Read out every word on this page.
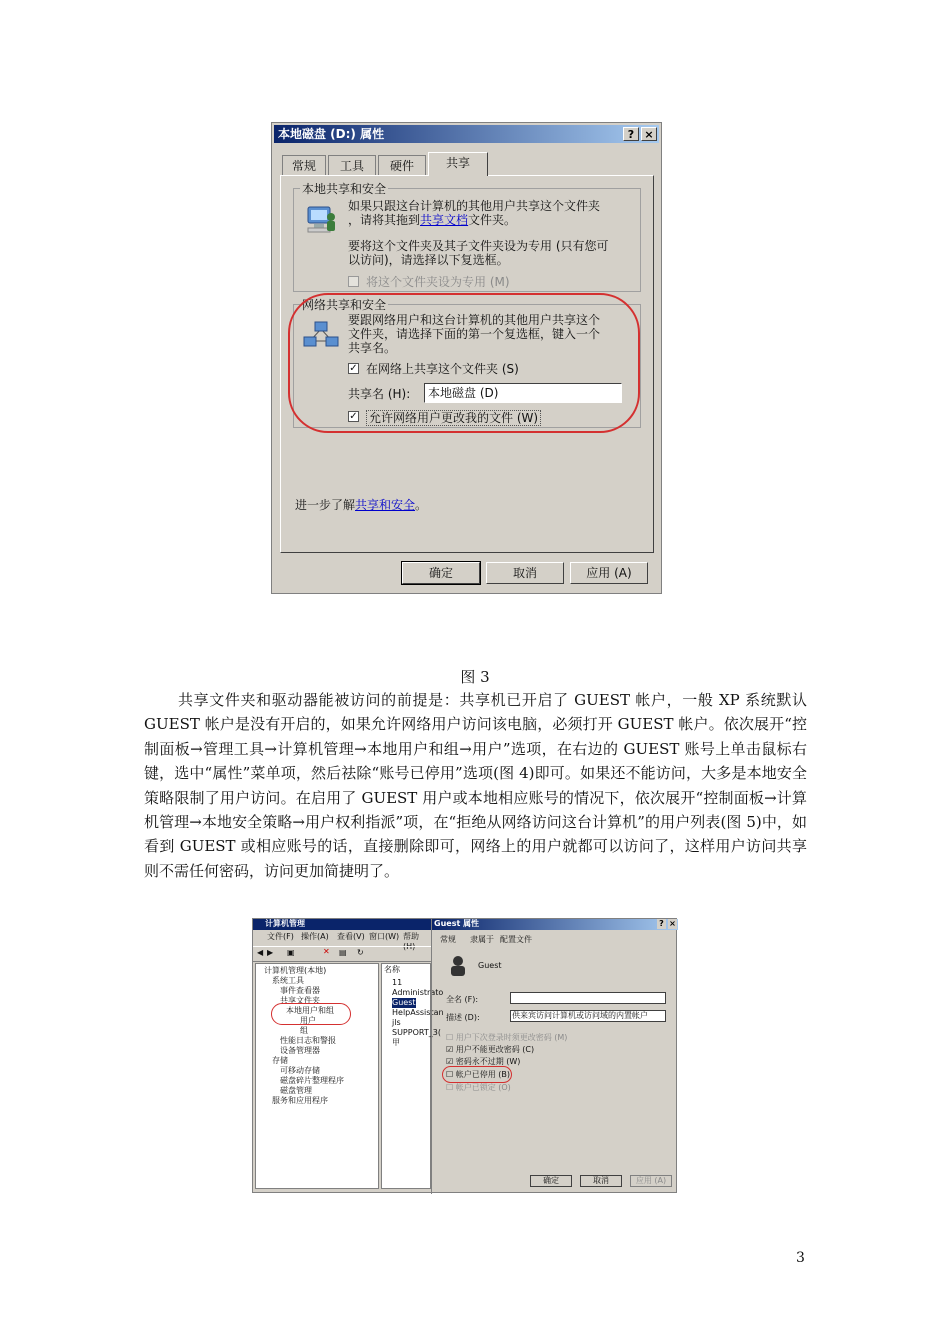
本地磁盘 (D:) 属性	? ×
常规	工具	硬件	共享
本地共享和安全
如果只跟这台计算机的其他用户共享这个文件夹
，请将其拖到共享文档文件夹。
要将这个文件夹及其子文件夹设为专用 (只有您可
以访问)，请选择以下复选框。
将这个文件夹设为专用 (M)
网络共享和安全
要跟网络用户和这台计算机的其他用户共享这个
文件夹，请选择下面的第一个复选框，键入一个
共享名。
✓ 在网络上共享这个文件夹 (S)
共享名 (H):	本地磁盘 (D)
✓ 允许网络用户更改我的文件 (W)
进一步了解共享和安全。
确定	取消	应用 (A)
图 3
共享文件夹和驱动器能被访问的前提是：共享机已开启了 GUEST 帐户，一般 XP 系统默认 GUEST 帐户是没有开启的，如果允许网络用户访问该电脑，必须打开 GUEST 帐户。依次展开“控制面板→管理工具→计算机管理→本地用户和组→用户”选项，在右边的 GUEST 账号上单击鼠标右键，选中“属性”菜单项，然后祛除“账号已停用”选项(图 4)即可。如果还不能访问，大多是本地安全策略限制了用户访问。在启用了 GUEST 用户或本地相应账号的情况下，依次展开“控制面板→计算机管理→本地安全策略→用户权利指派”项，在“拒绝从网络访问这台计算机”的用户列表(图 5)中，如看到 GUEST 或相应账号的话，直接删除即可，网络上的用户就都可以访问了，这样用户访问共享则不需任何密码，访问更加简捷明了。
计算机管理
文件(F) 操作(A) 查看(V) 窗口(W) 帮助(H)
◀ ▶ ▣	✕ ▤ ↻
计算机管理(本地)
系统工具
事件查看器
共享文件夹
本地用户和组
用户
组
性能日志和警报
设备管理器
存储
可移动存储
磁盘碎片整理程序
磁盘管理
服务和应用程序
名称
11
Administrato
Guest
HelpAssistan
jls
SUPPORT_3(
甲
Guest 属性	? ×
常规 隶属于 配置文件
Guest
全名 (F):
描述 (D):	供来宾访问计算机或访问域的内置帐户
☐ 用户下次登录时须更改密码 (M)
☑ 用户不能更改密码 (C)
☑ 密码永不过期 (W)
☐ 帐户已停用 (B)
☐ 帐户已锁定 (O)
确定	取消	应用 (A)
3
